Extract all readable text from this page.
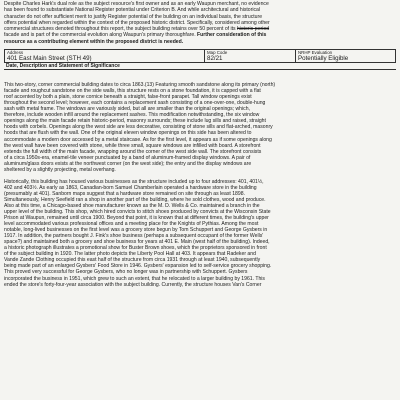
Despite Charles Hark's dual role as the subject resource's first owner and as an early Waupun merchant, no evidence
has been found to substantiate National Register potential under Criterion B. And while architectural and historical
character do not offer sufficient merit to justify Register potential of the building on an individual basis, the structure
offers potential when regarded within the context of the proposed historic district. Specifically, considered among other
commercial structures denoted throughout this report, the subject building retains over 50 percent of its historic-period
facade and is part of the commercial evolution along Waupun's primary thoroughfare. Further consideration of this
resource as a contributing element within the proposed district is needed.

Address
401 East Main Street (STH 49)

Map Code
82/21

NRHP Evaluation
Potentially Eligible

Date, Description and Statement of Significance

This two-story, corner commercial building dates to circa 1863.(13) Featuring smooth sandstone along its primary (north)
facade and roughcut sandstone on the side walls, this structure rests on a stone foundation, it is capped with a flat
roof accented by both a plain, stone cornice beneath a straight, false-front parapet. Tall window openings exist
throughout the second level; however, each contains a replacement sash consisting of a one-over-one, double-hung
sash with metal frame. The windows are variously sided, but all are smaller than the original openings; which,
therefore, include wooden infill around the replacement sashes. This modification notwithstanding, the six window
openings along the main facade retain historic-period, masonry surrounds; these include lug sills and raised, straight
hoods with corbels. Openings along the west side are less decorative, consisting of stone sills and flat-arched, masonry
hoods that are flush with the wall. One of the original eleven window openings on this side has been altered to
accommodate a modern door accessed by a metal staircase. As for the first level, it appears as if some openings along
the west wall have been covered with stone, while three small, square windows are infilled with board. A storefront
extends the full width of the main facade, wrapping around the corner of the west side wall. The storefront consists
of a circa 1950s-era, enamel-tile veneer punctuated by a band of aluminum-framed display windows. A pair of
aluminum/glass doors exists at the northwest corner (on the west side); the entry and the display windows are
sheltered by a slightly projecting, metal overhang.

Historically, this building has housed various businesses as the structure included up to four addresses: 401, 401½,
402 and 403½. As early as 1863, Canadian-born Samuel Chamberlain operated a hardware store in the building
(presumably at 401). Sanborn maps suggest that a hardware store remained on site through as least 1898.
Simultaneously, Henry Seefield ran a shop in another part of the building, where he sold clothes, wood and produce.
Also at this time, a Chicago-based shoe manufacturer known as the M. D. Wells & Co. maintained a branch in the
upper level of the building. This shop, which hired convicts to stitch shoes produced by convicts at the Wisconsin State
Prison at Waupun, remained until circa 1900. Beyond that point, it is known that at different times, the building's upper
level accommodated various professional offices and a meeting place for the Knights of Pythias. Among the most
notable, long-lived businesses on the first level was a grocery store begun by Tom Schuppert and George Gysbers in
1917. In addition, the partners bought J. Fink's shoe business (perhaps a subsequent occupant of the former Wells'
space?) and maintained both a grocery and shoe business for years at 401 E. Main (west half of the building). Indeed,
a historic photograph illustrates a promotional show for Buster Brown shoes, which the proprietors sponsored in front
of the subject building in 1920. The latter photo depicts the Liberty Pool Hall at 403. It appears that Radeker and
Vande Zande Clothing occupied this east half of the structure from circa 1931 through at least 1940, subsequently
being made part of an enlarged Gysbers' Food Store in 1946. Gysbers' expansion led to self-service grocery shopping.
This proved very successful for George Gysbers, who no longer was in partnership with Schuppert. Gysbers
incorporated the business in 1951, which grew to such an extent, that he relocated to a larger building by 1961. This
ended the store's forty-four-year association with the subject building. Currently, the structure houses Van's Corner
